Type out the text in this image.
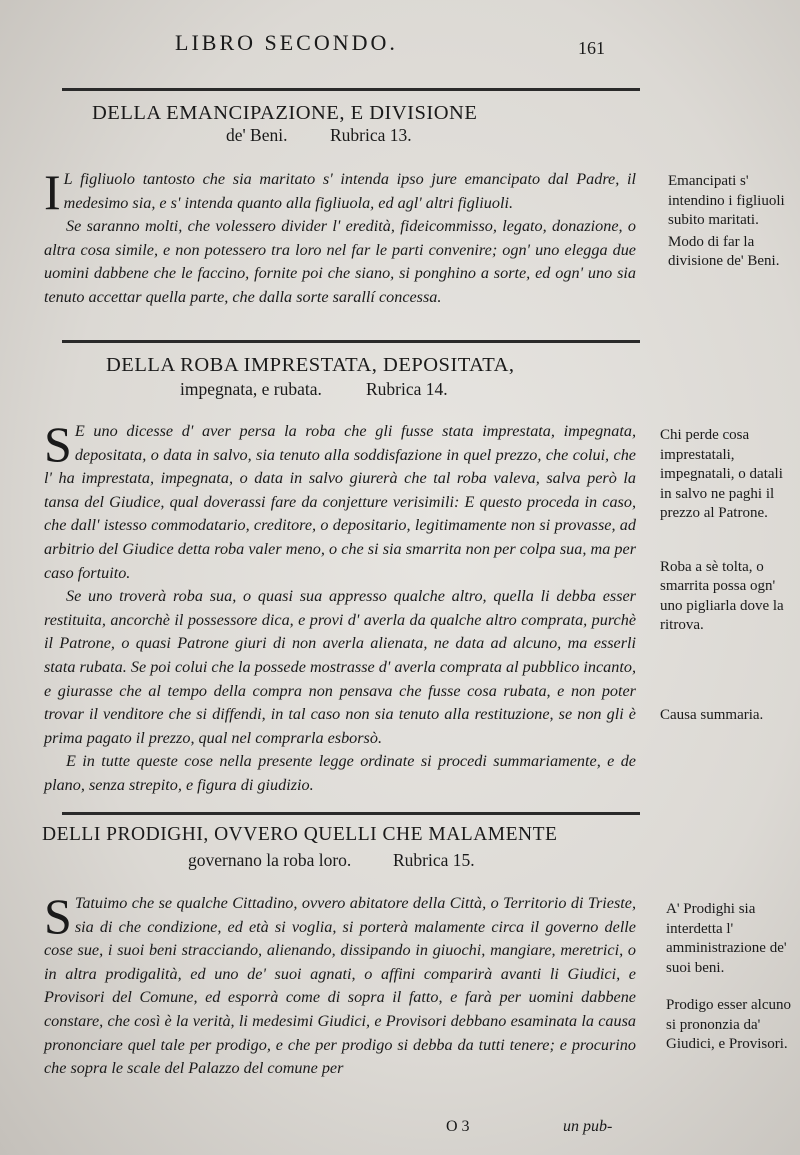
LIBRO SECONDO.	161
DELLA EMANCIPAZIONE, E DIVISIONE
de' Beni. Rubrica 13.

I L figliuolo tantosto che sia maritato s' intenda ipso jure emancipato dal Padre, il medesimo sia, e s' intenda quanto alla figliuola, ed agl' altri figliuoli.

Se saranno molti, che volessero divider l' eredità, fideicommisso, legato, donazione, o altra cosa simile, e non potessero tra loro nel far le parti convenire; ogn' uno elegga due uomini dabbene che le faccino, fornite poi che siano, si ponghino a sorte, ed ogn' uno sia tenuto accettar quella parte, che dalla sorte sarallí concessa.

Emancipati s' intendino i figliuoli subito maritati.
Modo di far la divisione de' Beni.
DELLA ROBA IMPRESTATA, DEPOSITATA,
impegnata, e rubata.	Rubrica 14.

S E uno dicesse d' aver persa la roba che gli fusse stata imprestata, impegnata, depositata, o data in salvo, sia tenuto alla soddisfazione in quel prezzo, che colui, che l' ha imprestata, impegnata, o data in salvo giurerà che tal roba valeva, salva però la tansa del Giudice, qual doverassi fare da conjetture verisimili: E questo proceda in caso, che dall' istesso commodatario, creditore, o depositario, legitimamente non si provasse, ad arbitrio del Giudice detta roba valer meno, o che si sia smarrita non per colpa sua, ma per caso fortuito.

Se uno troverà roba sua, o quasi sua appresso qualche altro, quella li debba esser restituita, ancorchè il possessore dica, e provi d' averla da qualche altro comprata, purchè il Patrone, o quasi Patrone giuri di non averla alienata, ne data ad alcuno, ma esserli stata rubata. Se poi colui che la possede mostrasse d' averla comprata al pubblico incanto, e giurasse che al tempo della compra non pensava che fusse cosa rubata, e non poter trovar il venditore che si diffendi, in tal caso non sia tenuto alla restituzione, se non gli è prima pagato il prezzo, qual nel comprarla esborsò.

E in tutte queste cose nella presente legge ordinate si procedi summariamente, e de plano, senza strepito, e figura di giudizio.

Chi perde cosa imprestatali, impegnatali, o datali in salvo ne paghi il prezzo al Patrone.
Roba a sè tolta, o smarrita possa ogn' uno pigliarla dove la ritrova.
Causa summaria.
DELLI PRODIGHI, OVVERO QUELLI CHE MALAMENTE
governano la roba loro. Rubrica 15.

S Tatuimo che se qualche Cittadino, ovvero abitatore della Città, o Territorio di Trieste, sia di che condizione, ed età si voglia, si porterà malamente circa il governo delle cose sue, i suoi beni stracciando, alienando, dissipando in giuochi, mangiare, meretrici, o in altra prodigalità, ed uno de' suoi agnati, o affini comparirà avanti li Giudici, e Provisori del Comune, ed esporrà come di sopra il fatto, e farà per uomini dabbene constare, che così è la verità, li medesimi Giudici, e Provisori debbano esaminata la causa prononciare quel tale per prodigo, e che per prodigo si debba da tutti tenere; e procurino che sopra le scale del Palazzo del comune per

A' Prodighi sia interdetta l' amministrazione de' suoi beni.
Prodigo esser alcuno si prononzia da' Giudici, e Provisori.
O 3	un pub-
